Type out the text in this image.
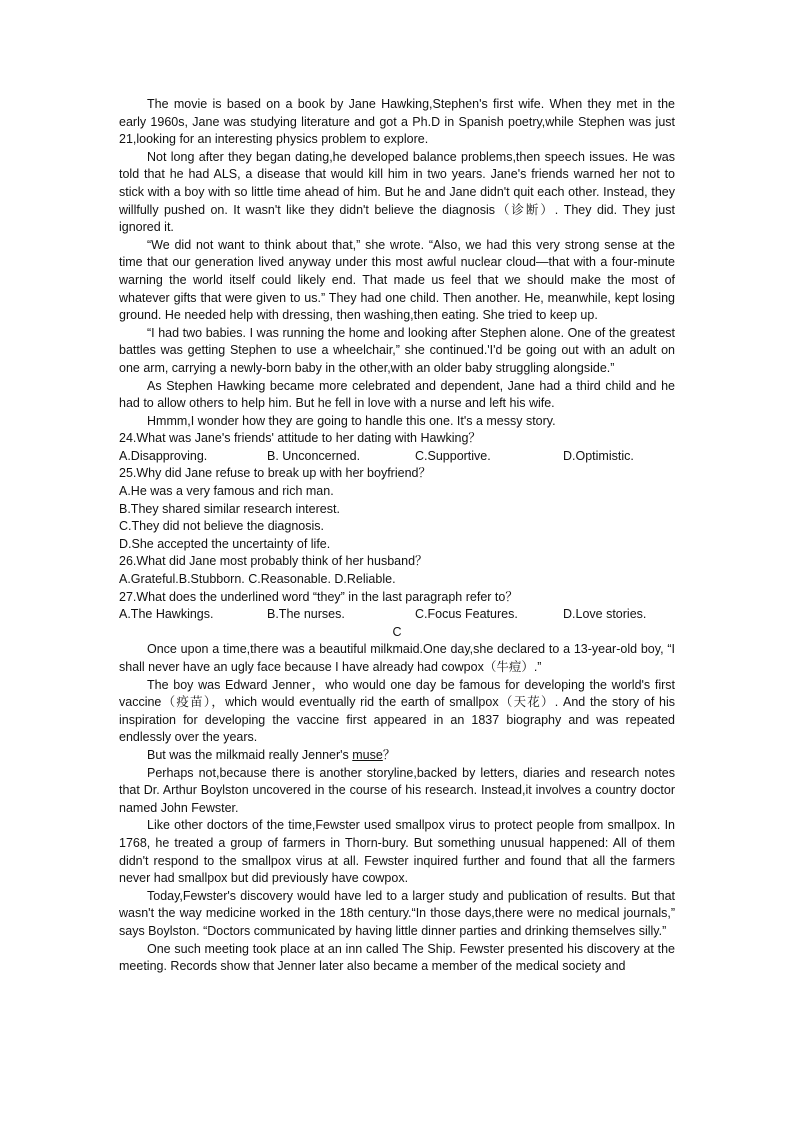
The movie is based on a book by Jane Hawking,Stephen's first wife. When they met in the early 1960s, Jane was studying literature and got a Ph.D in Spanish poetry,while Stephen was just 21,looking for an interesting physics problem to explore.

Not long after they began dating,he developed balance problems,then speech issues. He was told that he had ALS, a disease that would kill him in two years. Jane's friends warned her not to stick with a boy with so little time ahead of him. But he and Jane didn't quit each other. Instead, they willfully pushed on. It wasn't like they didn't believe the diagnosis（诊断）. They did. They just ignored it.

“We did not want to think about that,” she wrote. “Also, we had this very strong sense at the time that our generation lived anyway under this most awful nuclear cloud—that with a four-minute warning the world itself could likely end. That made us feel that we should make the most of whatever gifts that were given to us.” They had one child. Then another. He, meanwhile, kept losing ground. He needed help with dressing, then washing,then eating. She tried to keep up.

“I had two babies. I was running the home and looking after Stephen alone. One of the greatest battles was getting Stephen to use a wheelchair,” she continued.'I'd be going out with an adult on one arm, carrying a newly-born baby in the other,with an older baby struggling alongside.”

As Stephen Hawking became more celebrated and dependent, Jane had a third child and he had to allow others to help him. But he fell in love with a nurse and left his wife.

Hmmm,I wonder how they are going to handle this one. It's a messy story.

24.What was Jane's friends' attitude to her dating with Hawking？
A.Disapproving.	B. Unconcerned.	C.Supportive.	D.Optimistic.
25.Why did Jane refuse to break up with her boyfriend？
A.He was a very famous and rich man.
B.They shared similar research interest.
C.They did not believe the diagnosis.
D.She accepted the uncertainty of life.
26.What did Jane most probably think of her husband？
A.Grateful.B.Stubborn. C.Reasonable. D.Reliable.
27.What does the underlined word “they” in the last paragraph refer to？
A.The Hawkings.	B.The nurses.	C.Focus Features.	D.Love stories.
C

Once upon a time,there was a beautiful milkmaid.One day,she declared to a 13-year-old boy, “I shall never have an ugly face because I have already had cowpox（牛痘）.”

The boy was Edward Jenner，who would one day be famous for developing the world's first vaccine（疫苗），which would eventually rid the earth of smallpox（天花）. And the story of his inspiration for developing the vaccine first appeared in an 1837 biography and was repeated endlessly over the years.

But was the milkmaid really Jenner's muse？

Perhaps not,because there is another storyline,backed by letters, diaries and research notes that Dr. Arthur Boylston uncovered in the course of his research. Instead,it involves a country doctor named John Fewster.

Like other doctors of the time,Fewster used smallpox virus to protect people from smallpox. In 1768, he treated a group of farmers in Thorn-bury. But something unusual happened: All of them didn't respond to the smallpox virus at all. Fewster inquired further and found that all the farmers never had smallpox but did previously have cowpox.

Today,Fewster's discovery would have led to a larger study and publication of results. But that wasn't the way medicine worked in the 18th century.“In those days,there were no medical journals,” says Boylston. “Doctors communicated by having little dinner parties and drinking themselves silly.”

One such meeting took place at an inn called The Ship. Fewster presented his discovery at the meeting. Records show that Jenner later also became a member of the medical society and
